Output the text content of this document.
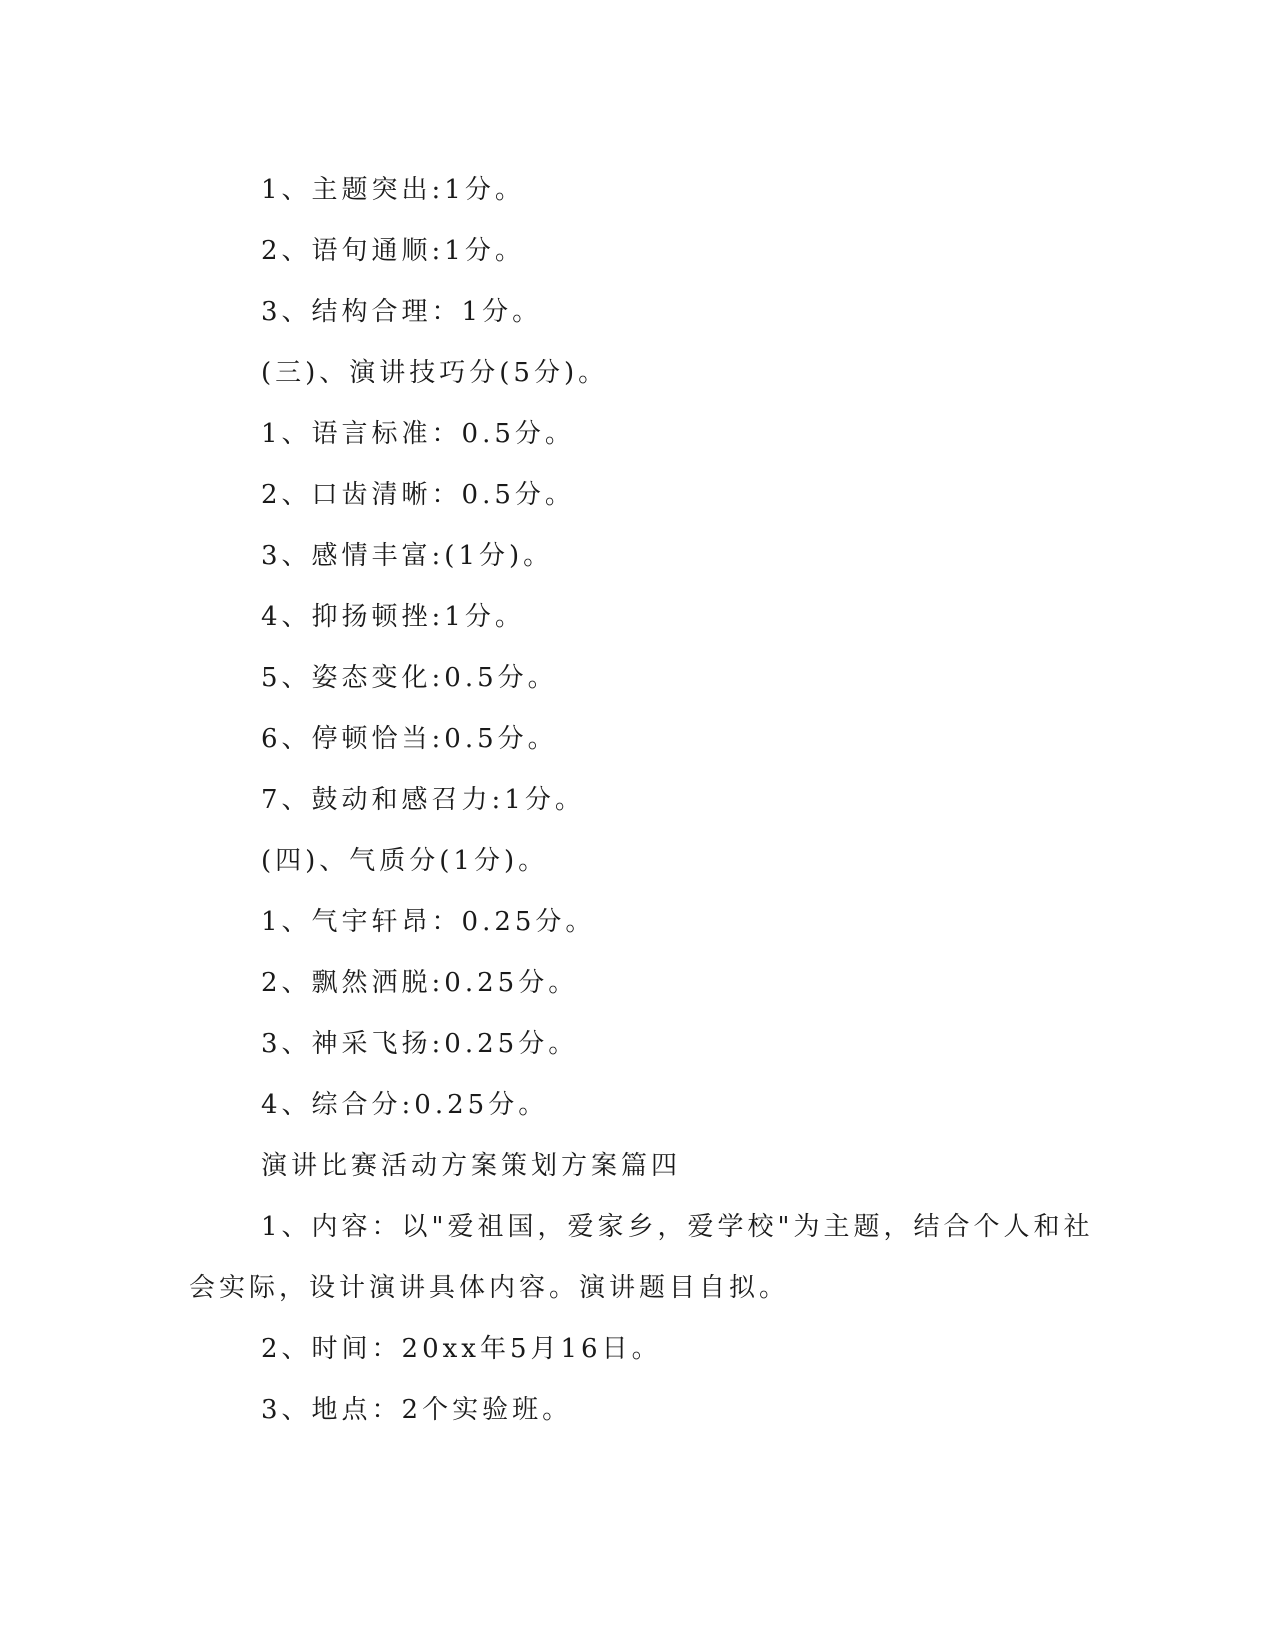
1、主题突出:1分。
2、语句通顺:1分。
3、结构合理：1分。
(三)、演讲技巧分(5分)。
1、语言标准：0.5分。
2、口齿清晰：0.5分。
3、感情丰富:(1分)。
4、抑扬顿挫:1分。
5、姿态变化:0.5分。
6、停顿恰当:0.5分。
7、鼓动和感召力:1分。
(四)、气质分(1分)。
1、气宇轩昂：0.25分。
2、飘然洒脱:0.25分。
3、神采飞扬:0.25分。
4、综合分:0.25分。
演讲比赛活动方案策划方案篇四
1、内容：以"爱祖国，爱家乡，爱学校"为主题，结合个人和社
会实际，设计演讲具体内容。演讲题目自拟。
2、时间：20xx年5月16日。
3、地点：2个实验班。
